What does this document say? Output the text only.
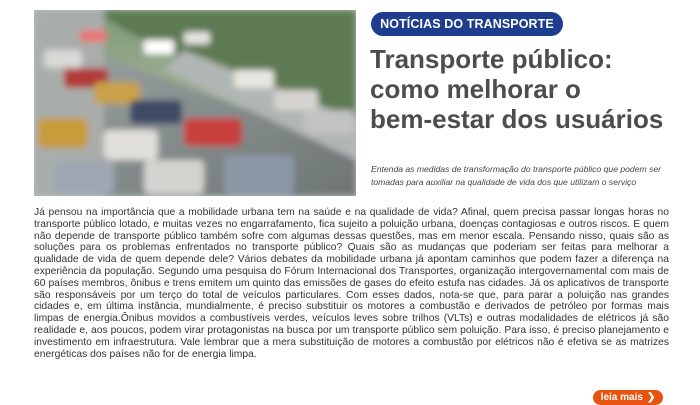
NOTÍCIAS DO TRANSPORTE
Transporte público:
como melhorar o
bem-estar dos usuários

Entenda as medidas de transformação do transporte público que podem ser tomadas para auxiliar na qualidade de vida dos que utilizam o serviço

Já pensou na importância que a mobilidade urbana tem na saúde e na qualidade de vida? Afinal, quem precisa passar longas horas no transporte público lotado, e muitas vezes no engarrafamento, fica sujeito a poluição urbana, doenças contagiosas e outros riscos. E quem não depende de transporte público também sofre com algumas dessas questões, mas em menor escala. Pensando nisso, quais são as soluções para os problemas enfrentados no transporte público? Quais são as mudanças que poderiam ser feitas para melhorar a qualidade de vida de quem depende dele? Vários debates da mobilidade urbana já apontam caminhos que podem fazer a diferença na experiência da população. Segundo uma pesquisa do Fórum Internacional dos Transportes, organização intergovernamental com mais de 60 países membros, ônibus e trens emitem um quinto das emissões de gases do efeito estufa nas cidades. Já os aplicativos de transporte são responsáveis por um terço do total de veículos particulares. Com esses dados, nota-se que, para parar a poluição nas grandes cidades e, em última instância, mundialmente, é preciso substituir os motores a combustão e derivados de petróleo por formas mais limpas de energia.Ônibus movidos a combustíveis verdes, veículos leves sobre trilhos (VLTs) e outras modalidades de elétricos já são realidade e, aos poucos, podem virar protagonistas na busca por um transporte público sem poluição. Para isso, é preciso planejamento e investimento em infraestrutura. Vale lembrar que a mera substituição de motores a combustão por elétricos não é efetiva se as matrizes energéticas dos países não for de energia limpa.

leia mais ❯
